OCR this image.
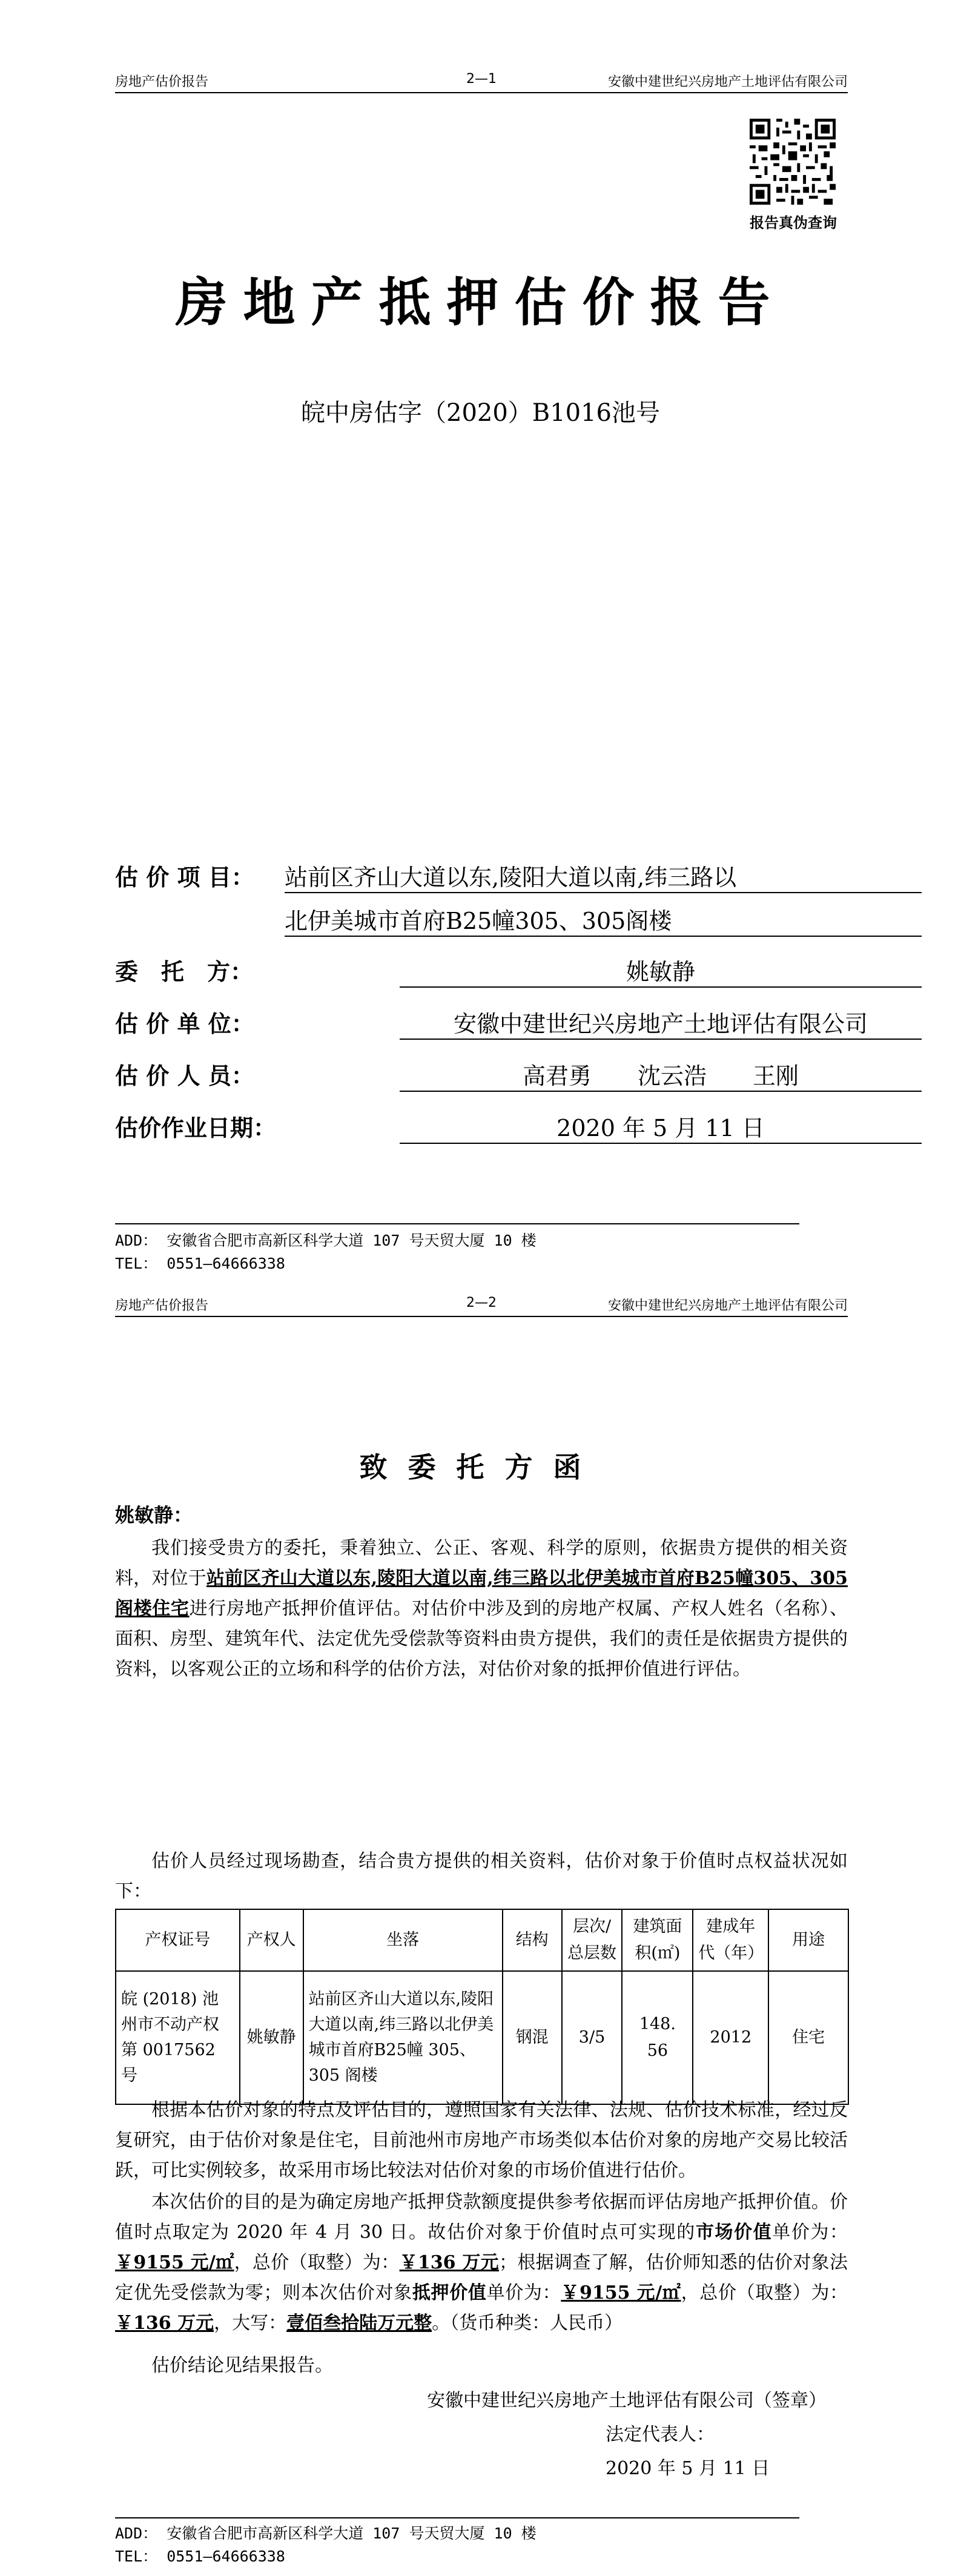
房地产估价报告	2—1	安徽中建世纪兴房地产土地评估有限公司
报告真伪查询
房地产抵押估价报告
皖中房估字（2020）B1016池号
估 价 项 目： 站前区齐山大道以东,陵阳大道以南,纬三路以
北伊美城市首府B25幢305、305阁楼
委　托　方：	姚敏静
估 价 单 位：	安徽中建世纪兴房地产土地评估有限公司
估 价 人 员：	高君勇　　沈云浩　　王刚
估价作业日期：	2020 年 5 月 11 日
ADD： 安徽省合肥市高新区科学大道 107 号天贸大厦 10 楼
TEL： 0551—64666338
房地产估价报告	2—2	安徽中建世纪兴房地产土地评估有限公司
致委托方函
姚敏静：
我们接受贵方的委托，秉着独立、公正、客观、科学的原则，依据贵方提供的相关资料，对位于站前区齐山大道以东,陵阳大道以南,纬三路以北伊美城市首府B25幢305、305阁楼住宅进行房地产抵押价值评估。对估价中涉及到的房地产权属、产权人姓名（名称）、面积、房型、建筑年代、法定优先受偿款等资料由贵方提供，我们的责任是依据贵方提供的资料，以客观公正的立场和科学的估价方法，对估价对象的抵押价值进行评估。
估价人员经过现场勘查，结合贵方提供的相关资料，估价对象于价值时点权益状况如下：
产权证号	产权人	坐落	结构	层次/总层数	建筑面积(㎡)	建成年代（年）	用途
皖 (2018) 池州市不动产权第 0017562 号	姚敏静	站前区齐山大道以东,陵阳大道以南,纬三路以北伊美城市首府B25幢 305、305 阁楼	钢混	3/5	148. 56	2012	住宅
根据本估价对象的特点及评估目的，遵照国家有关法律、法规、估价技术标准，经过反复研究，由于估价对象是住宅，目前池州市房地产市场类似本估价对象的房地产交易比较活跃，可比实例较多，故采用市场比较法对估价对象的市场价值进行估价。
本次估价的目的是为确定房地产抵押贷款额度提供参考依据而评估房地产抵押价值。价值时点取定为 2020 年 4 月 30 日。故估价对象于价值时点可实现的市场价值单价为：￥9155 元/㎡，总价（取整）为：￥136 万元；根据调查了解，估价师知悉的估价对象法定优先受偿款为零；则本次估价对象抵押价值单价为：￥9155 元/㎡，总价（取整）为：￥136 万元，大写：壹佰叁拾陆万元整。（货币种类：人民币）
估价结论见结果报告。
安徽中建世纪兴房地产土地评估有限公司（签章）
法定代表人：
2020 年 5 月 11 日
ADD： 安徽省合肥市高新区科学大道 107 号天贸大厦 10 楼
TEL： 0551—64666338
